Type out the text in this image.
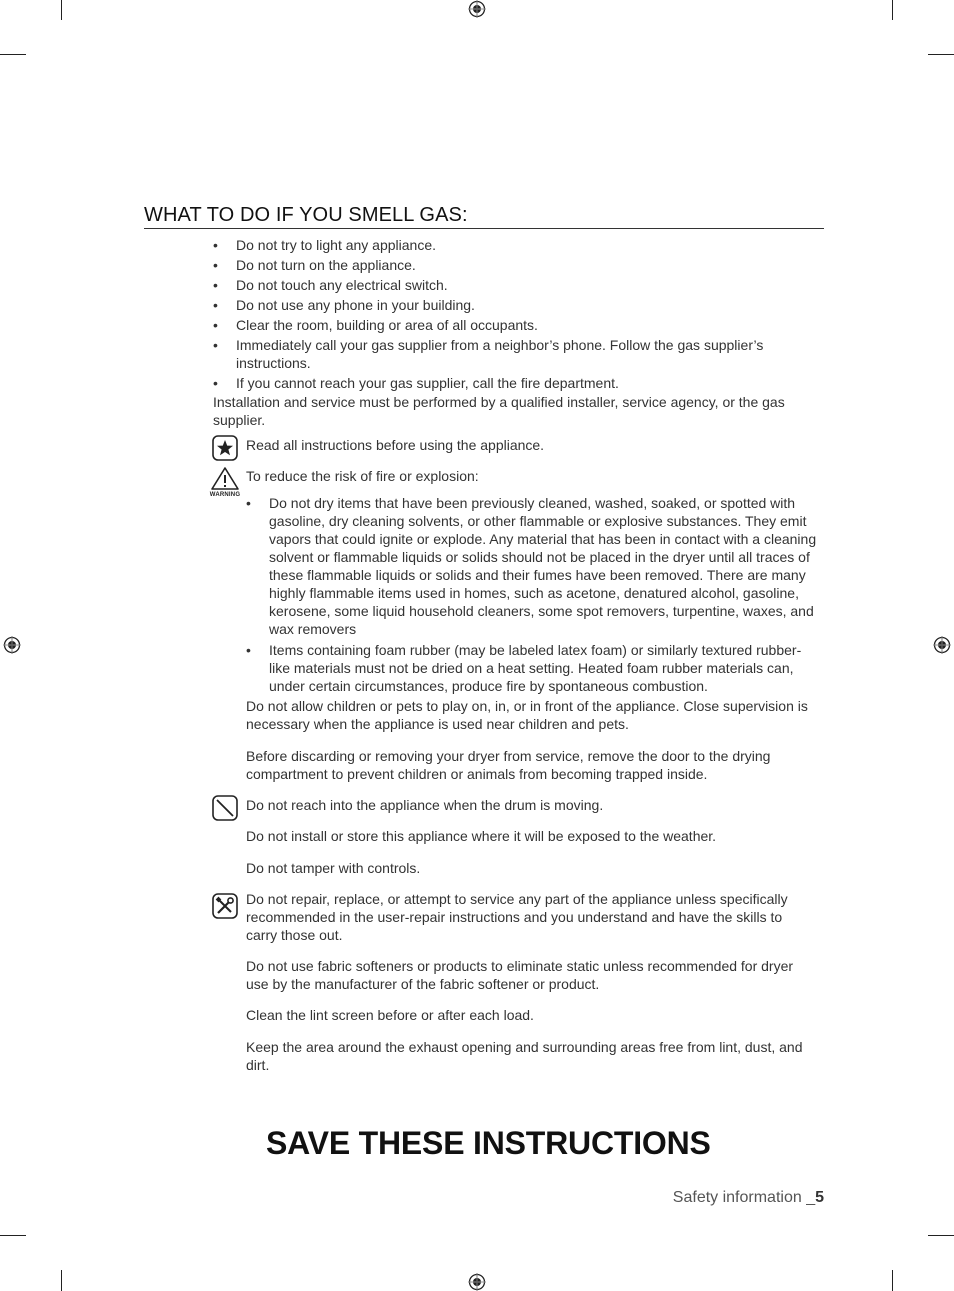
WHAT TO DO IF YOU SMELL GAS:
• Do not try to light any appliance.
• Do not turn on the appliance.
• Do not touch any electrical switch.
• Do not use any phone in your building.
• Clear the room, building or area of all occupants.
• Immediately call your gas supplier from a neighbor’s phone. Follow the gas supplier’s instructions.
• If you cannot reach your gas supplier, call the fire department.
Installation and service must be performed by a qualified installer, service agency, or the gas supplier.
Read all instructions before using the appliance.
WARNING
To reduce the risk of fire or explosion:
• Do not dry items that have been previously cleaned, washed, soaked, or spotted with gasoline, dry cleaning solvents, or other flammable or explosive substances. They emit vapors that could ignite or explode. Any material that has been in contact with a cleaning solvent or flammable liquids or solids should not be placed in the dryer until all traces of these flammable liquids or solids and their fumes have been removed. There are many highly flammable items used in homes, such as acetone, denatured alcohol, gasoline, kerosene, some liquid household cleaners, some spot removers, turpentine, waxes, and wax removers
• Items containing foam rubber (may be labeled latex foam) or similarly textured rubber-like materials must not be dried on a heat setting. Heated foam rubber materials can, under certain circumstances, produce fire by spontaneous combustion.
Do not allow children or pets to play on, in, or in front of the appliance. Close supervision is necessary when the appliance is used near children and pets.
Before discarding or removing your dryer from service, remove the door to the drying compartment to prevent children or animals from becoming trapped inside.
Do not reach into the appliance when the drum is moving.
Do not install or store this appliance where it will be exposed to the weather.
Do not tamper with controls.
Do not repair, replace, or attempt to service any part of the appliance unless specifically recommended in the user-repair instructions and you understand and have the skills to carry those out.
Do not use fabric softeners or products to eliminate static unless recommended for dryer use by the manufacturer of the fabric softener or product.
Clean the lint screen before or after each load.
Keep the area around the exhaust opening and surrounding areas free from lint, dust, and dirt.
SAVE THESE INSTRUCTIONS
Safety information _5
